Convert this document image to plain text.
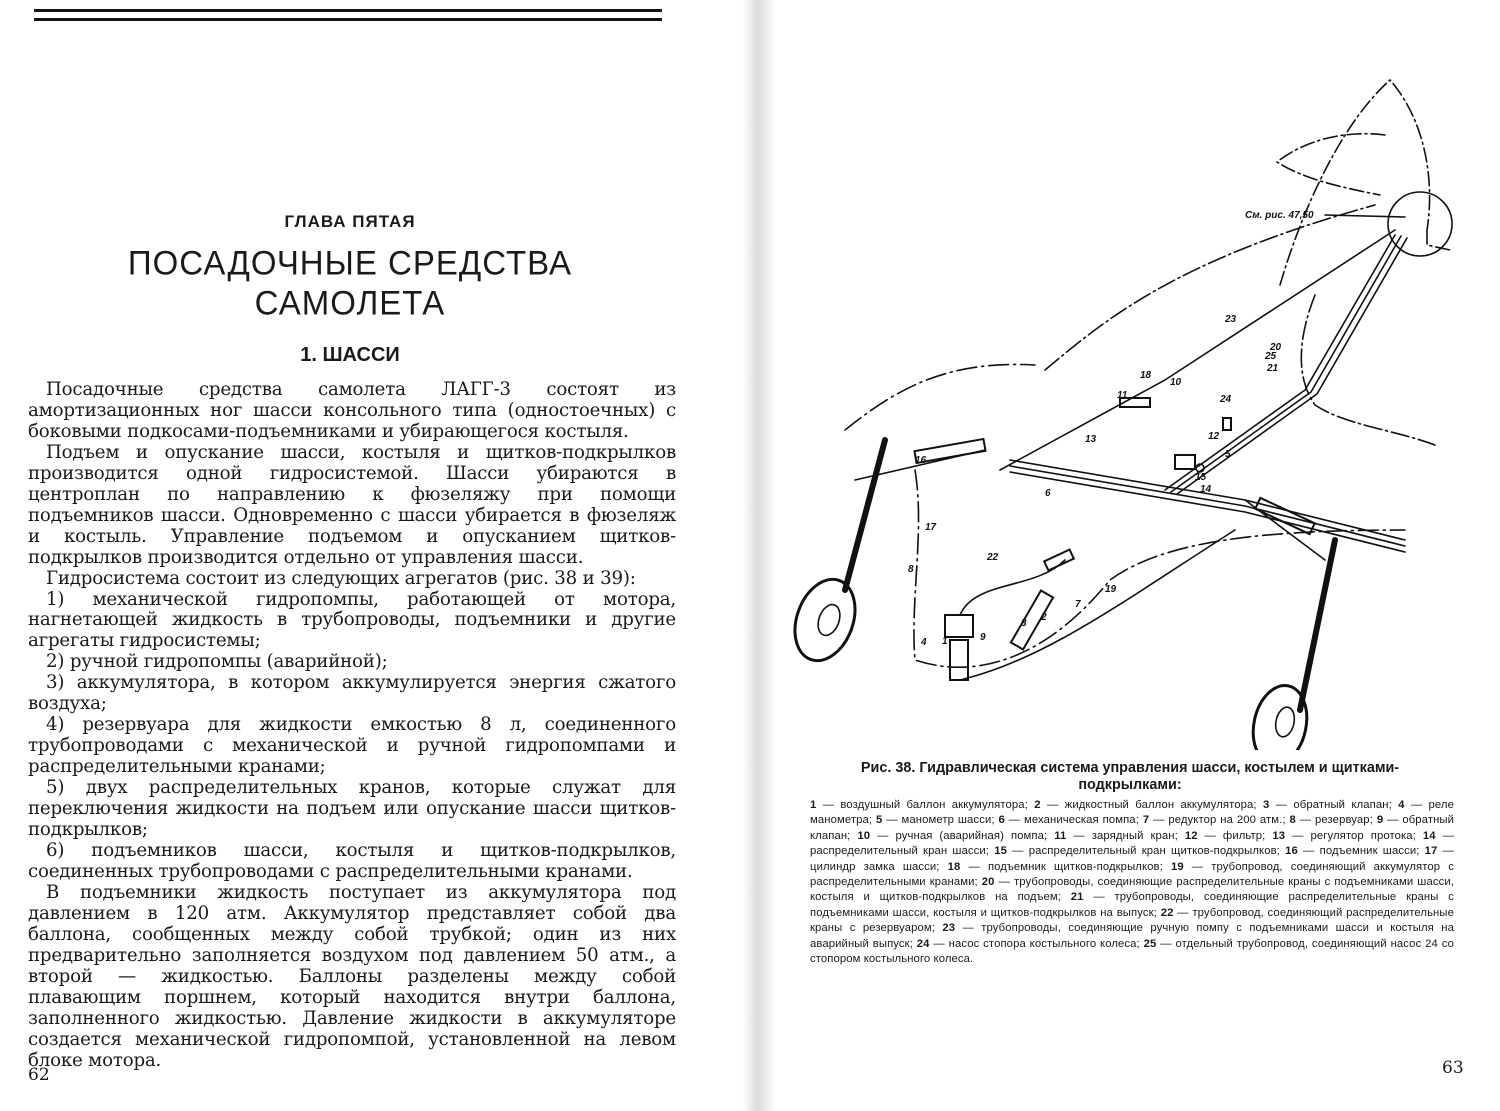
ГЛАВА ПЯТАЯ
ПОСАДОЧНЫЕ СРЕДСТВА
САМОЛЕТА
1. ШАССИ

Посадочные средства самолета ЛАГГ-3 состоят из амортизационных ног шасси консольного типа (одностоечных) с боковыми подкосами-подъемниками и убирающегося костыля.

Подъем и опускание шасси, костыля и щитков-подкрылков производится одной гидросистемой. Шасси убираются в центроплан по направлению к фюзеляжу при помощи подъемников шасси. Одновременно с шасси убирается в фюзеляж и костыль. Управление подъемом и опусканием щитков-подкрылков производится отдельно от управления шасси.

Гидросистема состоит из следующих агрегатов (рис. 38 и 39):

1) механической гидропомпы, работающей от мотора, нагнетающей жидкость в трубопроводы, подъемники и другие агрегаты гидросистемы;

2) ручной гидропомпы (аварийной);

3) аккумулятора, в котором аккумулируется энергия сжатого воздуха;

4) резервуара для жидкости емкостью 8 л, соединенного трубопроводами с механической и ручной гидропомпами и распределительными кранами;

5) двух распределительных кранов, которые служат для переключения жидкости на подъем или опускание шасси щитков-подкрылков;

6) подъемников шасси, костыля и щитков-подкрылков, соединенных трубопроводами с распределительными кранами.

В подъемники жидкость поступает из аккумулятора под давлением в 120 атм. Аккумулятор представляет собой два баллона, сообщенных между собой трубкой; один из них предварительно заполняется воздухом под давлением 50 атм., а второй — жидкостью. Баллоны разделены между собой плавающим поршнем, который находится внутри баллона, заполненного жидкостью. Давление жидкости в аккумуляторе создается механической гидропомпой, установленной на левом блоке мотора.

62
См. рис. 47,50
1
2
3
4
5
6
7
8
9
10
11
12
13
14
15
16
17
18
19
20
21
22
23
24
25
Рис. 38. Гидравлическая система управления шасси, костылем и щитками-подкрылками:
1 — воздушный баллон аккумулятора; 2 — жидкостный баллон аккумулятора; 3 — обратный клапан; 4 — реле манометра; 5 — манометр шасси; 6 — механическая помпа; 7 — редуктор на 200 атм.; 8 — резервуар; 9 — обратный клапан; 10 — ручная (аварийная) помпа; 11 — зарядный кран; 12 — фильтр; 13 — регулятор протока; 14 — распределительный кран шасси; 15 — распределительный кран щитков-подкрылков; 16 — подъемник шасси; 17 — цилиндр замка шасси; 18 — подъемник щитков-подкрылков; 19 — трубопровод, соединяющий аккумулятор с распределительными кранами; 20 — трубопроводы, соединяющие распределительные краны с подъемниками шасси, костыля и щитков-подкрылков на подъем; 21 — трубопроводы, соединяющие распределительные краны с подъемниками шасси, костыля и щитков-подкрылков на выпуск; 22 — трубопровод, соединяющий распределительные краны с резервуаром; 23 — трубопроводы, соединяющие ручную помпу с подъемниками шасси и костыля на аварийный выпуск; 24 — насос стопора костыльного колеса; 25 — отдельный трубопровод, соединяющий насос 24 со стопором костыльного колеса.
63
